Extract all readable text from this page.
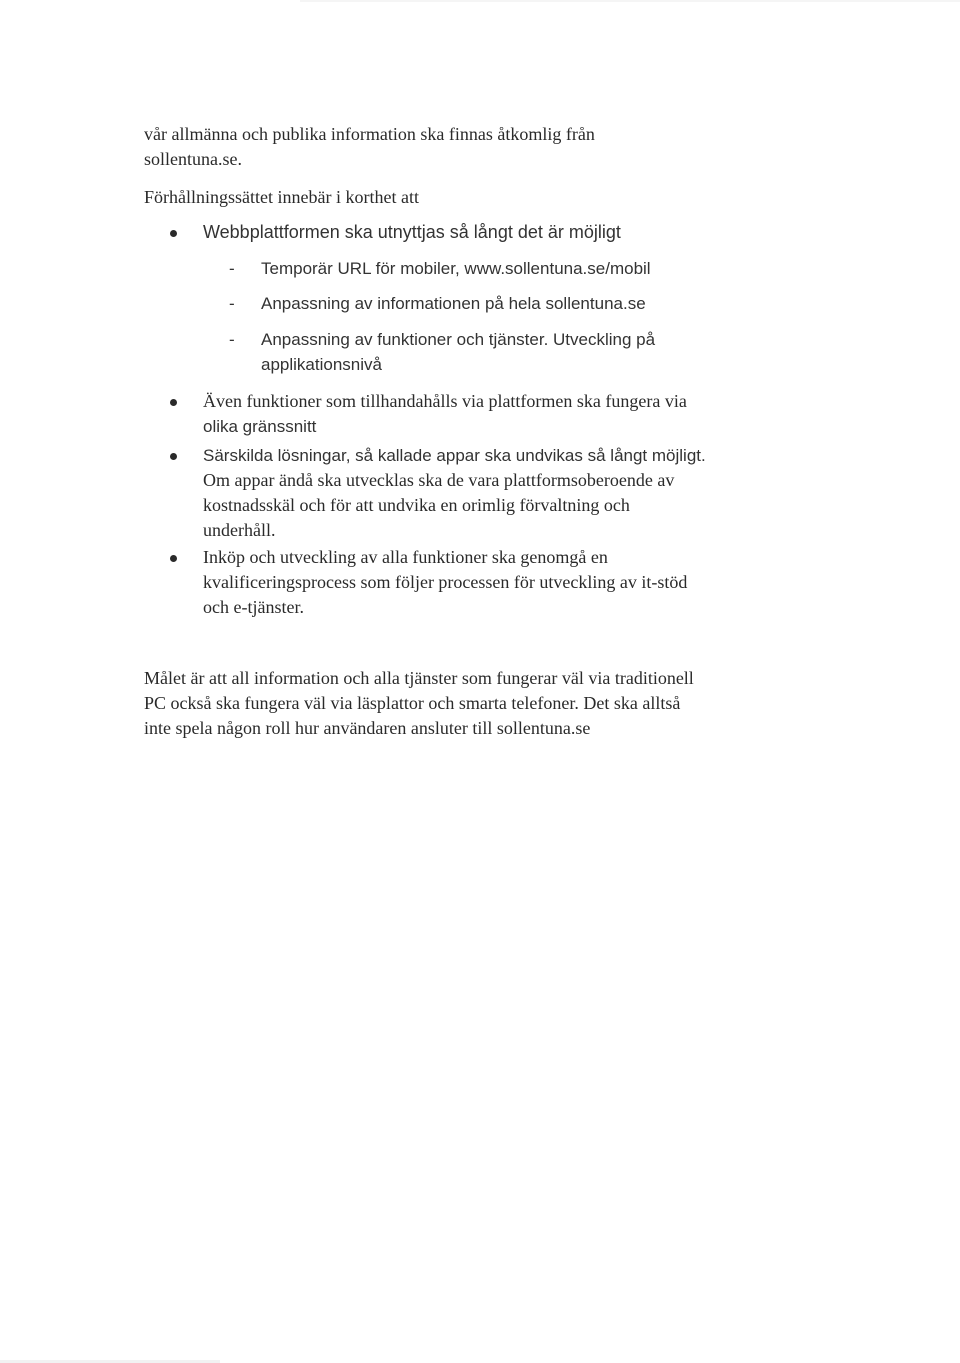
vår allmänna och publika information ska finnas åtkomlig från
sollentuna.se.
Förhållningssättet innebär i korthet att
Webbplattformen ska utnyttjas så långt det är möjligt
- Temporär URL för mobiler, www.sollentuna.se/mobil
- Anpassning av informationen på hela sollentuna.se
- Anpassning av funktioner och tjänster. Utveckling på
applikationsnivå
Även funktioner som tillhandahålls via plattformen ska fungera via
olika gränssnitt
Särskilda lösningar, så kallade appar ska undvikas så långt möjligt.
Om appar ändå ska utvecklas ska de vara plattformsoberoende av
kostnadsskäl och för att undvika en orimlig förvaltning och
underhåll.
Inköp och utveckling av alla funktioner ska genomgå en
kvalificeringsprocess som följer processen för utveckling av it-stöd
och e-tjänster.
Målet är att all information och alla tjänster som fungerar väl via traditionell
PC också ska fungera väl via läsplattor och smarta telefoner. Det ska alltså
inte spela någon roll hur användaren ansluter till sollentuna.se
